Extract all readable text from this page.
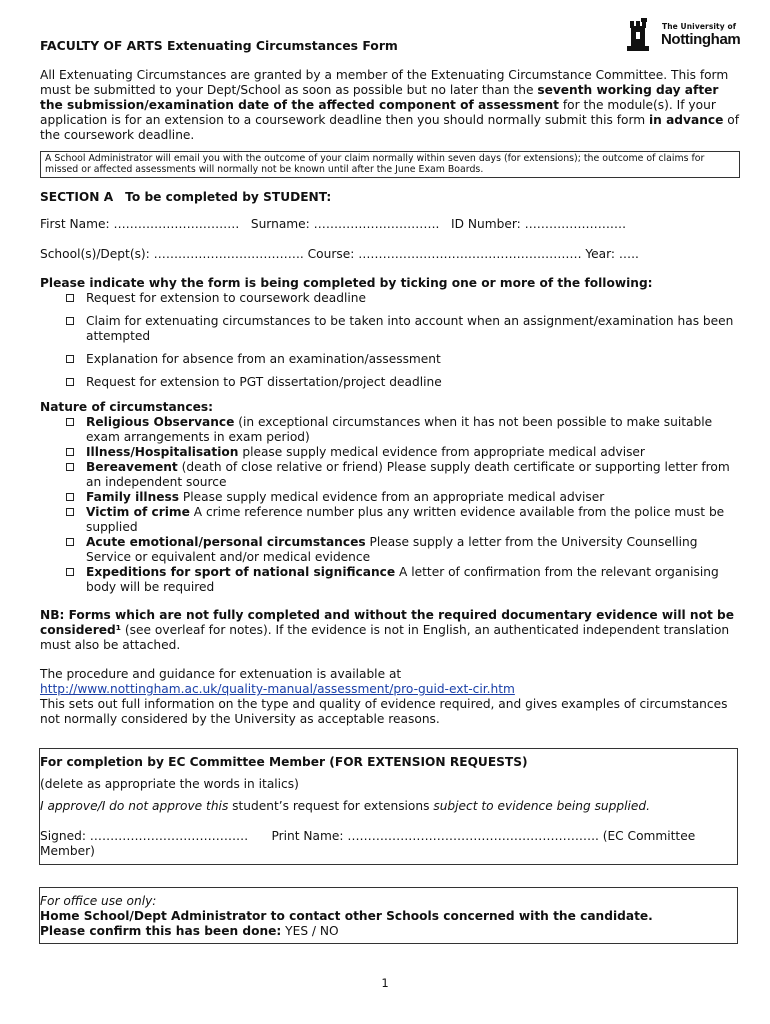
FACULTY OF ARTS Extenuating Circumstances Form
The University of
Nottingham

All Extenuating Circumstances are granted by a member of the Extenuating Circumstance Committee. This form must be submitted to your Dept/School as soon as possible but no later than the seventh working day after the submission/examination date of the affected component of assessment for the module(s). If your application is for an extension to a coursework deadline then you should normally submit this form in advance of the coursework deadline.

A School Administrator will email you with the outcome of your claim normally within seven days (for extensions); the outcome of claims for missed or affected assessments will normally not be known until after the June Exam Boards.

SECTION A To be completed by STUDENT:

First Name: …………………………. Surname: …………………………. ID Number: …………………….

School(s)/Dept(s): ………………………………. Course: ………………………………………………. Year: …..

Please indicate why the form is being completed by ticking one or more of the following:

Request for extension to coursework deadline
Claim for extenuating circumstances to be taken into account when an assignment/examination has been attempted
Explanation for absence from an examination/assessment
Request for extension to PGT dissertation/project deadline

Nature of circumstances:

Religious Observance (in exceptional circumstances when it has not been possible to make suitable exam arrangements in exam period)
Illness/Hospitalisation please supply medical evidence from appropriate medical adviser
Bereavement (death of close relative or friend) Please supply death certificate or supporting letter from an independent source
Family illness Please supply medical evidence from an appropriate medical adviser
Victim of crime A crime reference number plus any written evidence available from the police must be supplied
Acute emotional/personal circumstances Please supply a letter from the University Counselling Service or equivalent and/or medical evidence
Expeditions for sport of national significance A letter of confirmation from the relevant organising body will be required

NB: Forms which are not fully completed and without the required documentary evidence will not be considered¹ (see overleaf for notes). If the evidence is not in English, an authenticated independent translation must also be attached.

The procedure and guidance for extenuation is available at
http://www.nottingham.ac.uk/quality-manual/assessment/pro-guid-ext-cir.htm
This sets out full information on the type and quality of evidence required, and gives examples of circumstances not normally considered by the University as acceptable reasons.

For completion by EC Committee Member (FOR EXTENSION REQUESTS)

(delete as appropriate the words in italics)

I approve/I do not approve this student’s request for extensions subject to evidence being supplied.

Signed: ………………………………… Print Name: …………………………………………………….. (EC Committee Member)

For office use only:

Home School/Dept Administrator to contact other Schools concerned with the candidate.

Please confirm this has been done: YES / NO

1
